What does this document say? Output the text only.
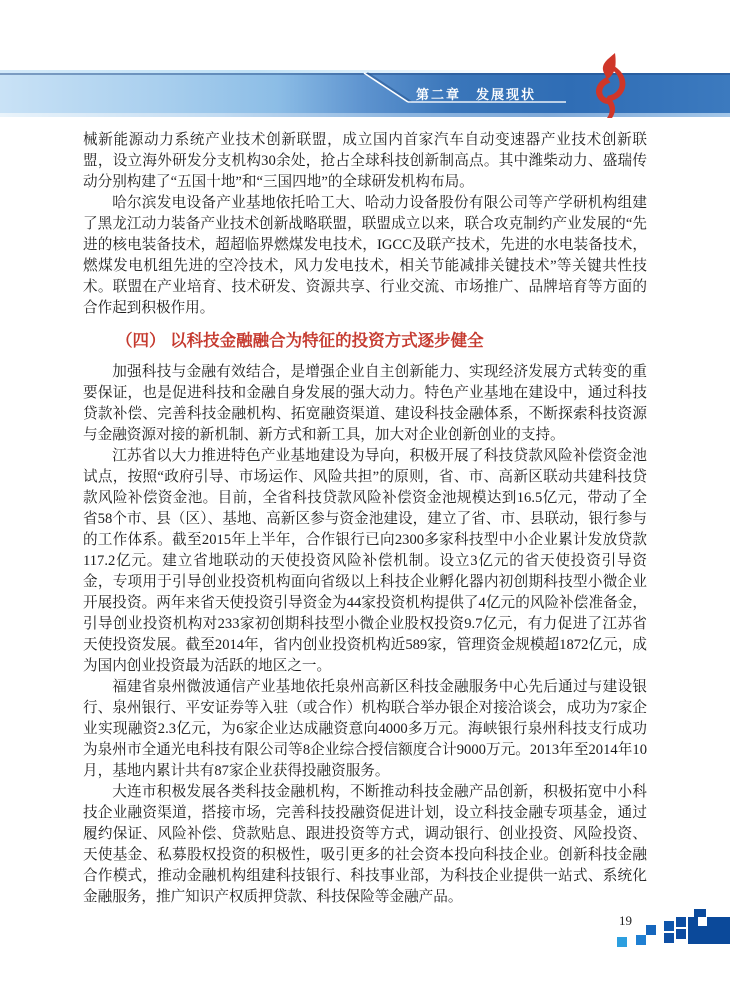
第二章　发展现状

械新能源动力系统产业技术创新联盟，成立国内首家汽车自动变速器产业技术创新联盟，设立海外研发分支机构30余处，抢占全球科技创新制高点。其中潍柴动力、盛瑞传动分别构建了“五国十地”和“三国四地”的全球研发机构布局。

哈尔滨发电设备产业基地依托哈工大、哈动力设备股份有限公司等产学研机构组建了黑龙江动力装备产业技术创新战略联盟，联盟成立以来，联合攻克制约产业发展的“先进的核电装备技术，超超临界燃煤发电技术，IGCC及联产技术，先进的水电装备技术，燃煤发电机组先进的空冷技术，风力发电技术，相关节能减排关键技术”等关键共性技术。联盟在产业培育、技术研发、资源共享、行业交流、市场推广、品牌培育等方面的合作起到积极作用。

（四） 以科技金融融合为特征的投资方式逐步健全

加强科技与金融有效结合，是增强企业自主创新能力、实现经济发展方式转变的重要保证，也是促进科技和金融自身发展的强大动力。特色产业基地在建设中，通过科技贷款补偿、完善科技金融机构、拓宽融资渠道、建设科技金融体系，不断探索科技资源与金融资源对接的新机制、新方式和新工具，加大对企业创新创业的支持。

江苏省以大力推进特色产业基地建设为导向，积极开展了科技贷款风险补偿资金池试点，按照“政府引导、市场运作、风险共担”的原则，省、市、高新区联动共建科技贷款风险补偿资金池。目前，全省科技贷款风险补偿资金池规模达到16.5亿元，带动了全省58个市、县（区）、基地、高新区参与资金池建设，建立了省、市、县联动，银行参与的工作体系。截至2015年上半年，合作银行已向2300多家科技型中小企业累计发放贷款117.2亿元。建立省地联动的天使投资风险补偿机制。设立3亿元的省天使投资引导资金，专项用于引导创业投资机构面向省级以上科技企业孵化器内初创期科技型小微企业开展投资。两年来省天使投资引导资金为44家投资机构提供了4亿元的风险补偿准备金，引导创业投资机构对233家初创期科技型小微企业股权投资9.7亿元，有力促进了江苏省天使投资发展。截至2014年，省内创业投资机构近589家，管理资金规模超1872亿元，成为国内创业投资最为活跃的地区之一。

福建省泉州微波通信产业基地依托泉州高新区科技金融服务中心先后通过与建设银行、泉州银行、平安证券等入驻（或合作）机构联合举办银企对接洽谈会，成功为7家企业实现融资2.3亿元，为6家企业达成融资意向4000多万元。海峡银行泉州科技支行成功为泉州市全通光电科技有限公司等8企业综合授信额度合计9000万元。2013年至2014年10月，基地内累计共有87家企业获得投融资服务。

大连市积极发展各类科技金融机构，不断推动科技金融产品创新，积极拓宽中小科技企业融资渠道，搭接市场，完善科技投融资促进计划，设立科技金融专项基金，通过履约保证、风险补偿、贷款贴息、跟进投资等方式，调动银行、创业投资、风险投资、天使基金、私募股权投资的积极性，吸引更多的社会资本投向科技企业。创新科技金融合作模式，推动金融机构组建科技银行、科技事业部，为科技企业提供一站式、系统化金融服务，推广知识产权质押贷款、科技保险等金融产品。

19
